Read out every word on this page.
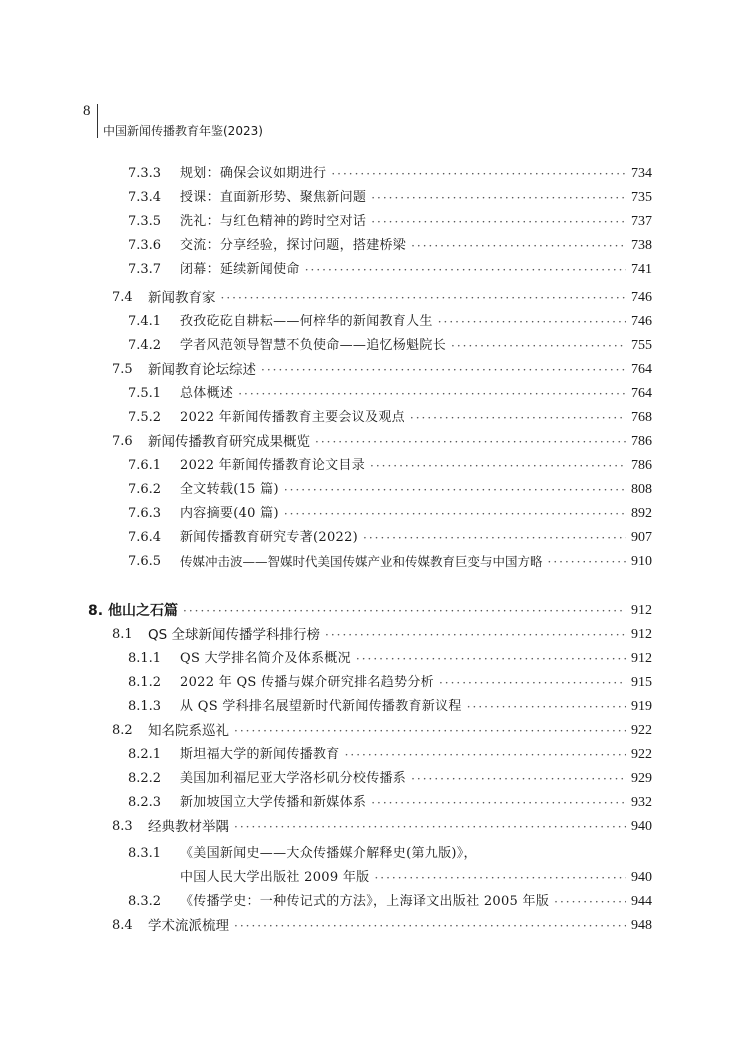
8
中国新闻传播教育年鉴(2023)
7.3.3	规划：确保会议如期进行 ·····	734
7.3.4	授课：直面新形势、聚焦新问题 ·····	735
7.3.5	洗礼：与红色精神的跨时空对话 ·····	737
7.3.6	交流：分享经验，探讨问题，搭建桥梁 ·····	738
7.3.7	闭幕：延续新闻使命 ·····	741
7.4	新闻教育家 ·····	746
7.4.1	孜孜矻矻自耕耘——何梓华的新闻教育人生 ·····	746
7.4.2	学者风范领导智慧不负使命——追忆杨魁院长 ·····	755
7.5	新闻教育论坛综述 ·····	764
7.5.1	总体概述 ·····	764
7.5.2	2022 年新闻传播教育主要会议及观点 ·····	768
7.6	新闻传播教育研究成果概览 ·····	786
7.6.1	2022 年新闻传播教育论文目录 ·····	786
7.6.2	全文转载(15 篇) ·····	808
7.6.3	内容摘要(40 篇) ·····	892
7.6.4	新闻传播教育研究专著(2022) ·····	907
7.6.5	传媒冲击波——智媒时代美国传媒产业和传媒教育巨变与中国方略 ·····	910
8. 他山之石篇 ·····	912
8.1	QS 全球新闻传播学科排行榜 ·····	912
8.1.1	QS 大学排名简介及体系概况 ·····	912
8.1.2	2022 年 QS 传播与媒介研究排名趋势分析 ·····	915
8.1.3	从 QS 学科排名展望新时代新闻传播教育新议程 ·····	919
8.2	知名院系巡礼 ·····	922
8.2.1	斯坦福大学的新闻传播教育 ·····	922
8.2.2	美国加利福尼亚大学洛杉矶分校传播系 ·····	929
8.2.3	新加坡国立大学传播和新媒体系 ·····	932
8.3	经典教材举隅 ·····	940
8.3.1	《美国新闻史——大众传播媒介解释史(第九版)》，
中国人民大学出版社 2009 年版 ·····	940
8.3.2	《传播学史：一种传记式的方法》，上海译文出版社 2005 年版 ·····	944
8.4	学术流派梳理 ·····	948
